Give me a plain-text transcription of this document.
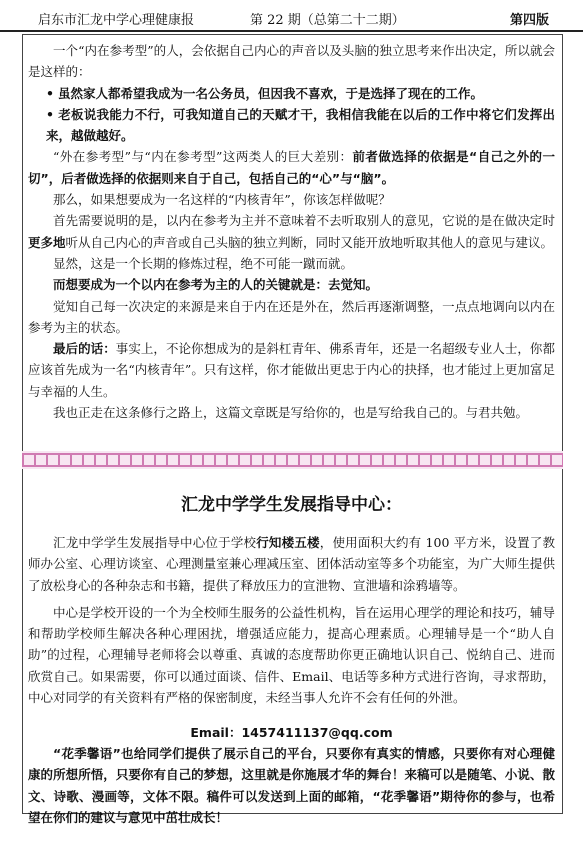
启东市汇龙中学心理健康报	第 22 期（总第二十二期）	第四版

一个“内在参考型”的人，会依据自己内心的声音以及头脑的独立思考来作出决定，所以就会是这样的：

• 虽然家人都希望我成为一名公务员，但因我不喜欢，于是选择了现在的工作。

• 老板说我能力不行，可我知道自己的天赋才干，我相信我能在以后的工作中将它们发挥出来，越做越好。

“外在参考型”与“内在参考型”这两类人的巨大差别：前者做选择的依据是“自己之外的一切”，后者做选择的依据则来自于自己，包括自己的“心”与“脑”。

那么，如果想要成为一名这样的“内核青年”，你该怎样做呢？

首先需要说明的是，以内在参考为主并不意味着不去听取别人的意见，它说的是在做决定时更多地听从自己内心的声音或自己头脑的独立判断，同时又能开放地听取其他人的意见与建议。

显然，这是一个长期的修炼过程，绝不可能一蹴而就。

而想要成为一个以内在参考为主的人的关键就是：去觉知。

觉知自己每一次决定的来源是来自于内在还是外在，然后再逐渐调整，一点点地调向以内在参考为主的状态。

最后的话：事实上，不论你想成为的是斜杠青年、佛系青年，还是一名超级专业人士，你都应该首先成为一名“内核青年”。只有这样，你才能做出更忠于内心的抉择，也才能过上更加富足与幸福的人生。

我也正走在这条修行之路上，这篇文章既是写给你的，也是写给我自己的。与君共勉。

汇龙中学学生发展指导中心：

汇龙中学学生发展指导中心位于学校行知楼五楼，使用面积大约有 100 平方米，设置了教师办公室、心理访谈室、心理测量室兼心理减压室、团体活动室等多个功能室，为广大师生提供了放松身心的各种杂志和书籍，提供了释放压力的宣泄物、宣泄墙和涂鸦墙等。

中心是学校开设的一个为全校师生服务的公益性机构，旨在运用心理学的理论和技巧，辅导和帮助学校师生解决各种心理困扰，增强适应能力，提高心理素质。心理辅导是一个“助人自助”的过程，心理辅导老师将会以尊重、真诚的态度帮助你更正确地认识自己、悦纳自己、进而欣赏自己。如果需要，你可以通过面谈、信件、Email、电话等多种方式进行咨询，寻求帮助，中心对同学的有关资料有严格的保密制度，未经当事人允许不会有任何的外泄。

Email：1457411137@qq.com
“花季馨语”也给同学们提供了展示自己的平台，只要你有真实的情感，只要你有对心理健康的所想所悟，只要你有自己的梦想，这里就是你施展才华的舞台！来稿可以是随笔、小说、散文、诗歌、漫画等，文体不限。稿件可以发送到上面的邮箱，“花季馨语”期待你的参与，也希望在你们的建议与意见中茁壮成长！
